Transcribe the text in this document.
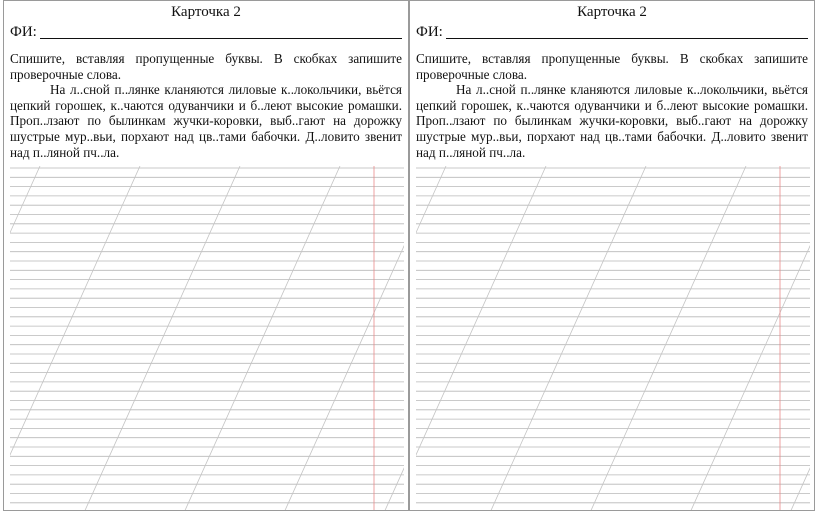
Карточка 2
ФИ:

Спишите, вставляя пропущенные буквы. В скобках запишите проверочные слова.

На л..сной п..лянке кланяются лиловые к..локольчики, вьётся цепкий горошек, к..чаются одуванчики и б..леют высокие ромашки. Проп..лзают по былинкам жучки-коровки, выб..гают на дорожку шустрые мур..вьи, порхают над цв..тами бабочки. Д..ловито звенит над п..ляной пч..ла.

Карточка 2
ФИ:

Спишите, вставляя пропущенные буквы. В скобках запишите проверочные слова.

На л..сной п..лянке кланяются лиловые к..локольчики, вьётся цепкий горошек, к..чаются одуванчики и б..леют высокие ромашки. Проп..лзают по былинкам жучки-коровки, выб..гают на дорожку шустрые мур..вьи, порхают над цв..тами бабочки. Д..ловито звенит над п..ляной пч..ла.
